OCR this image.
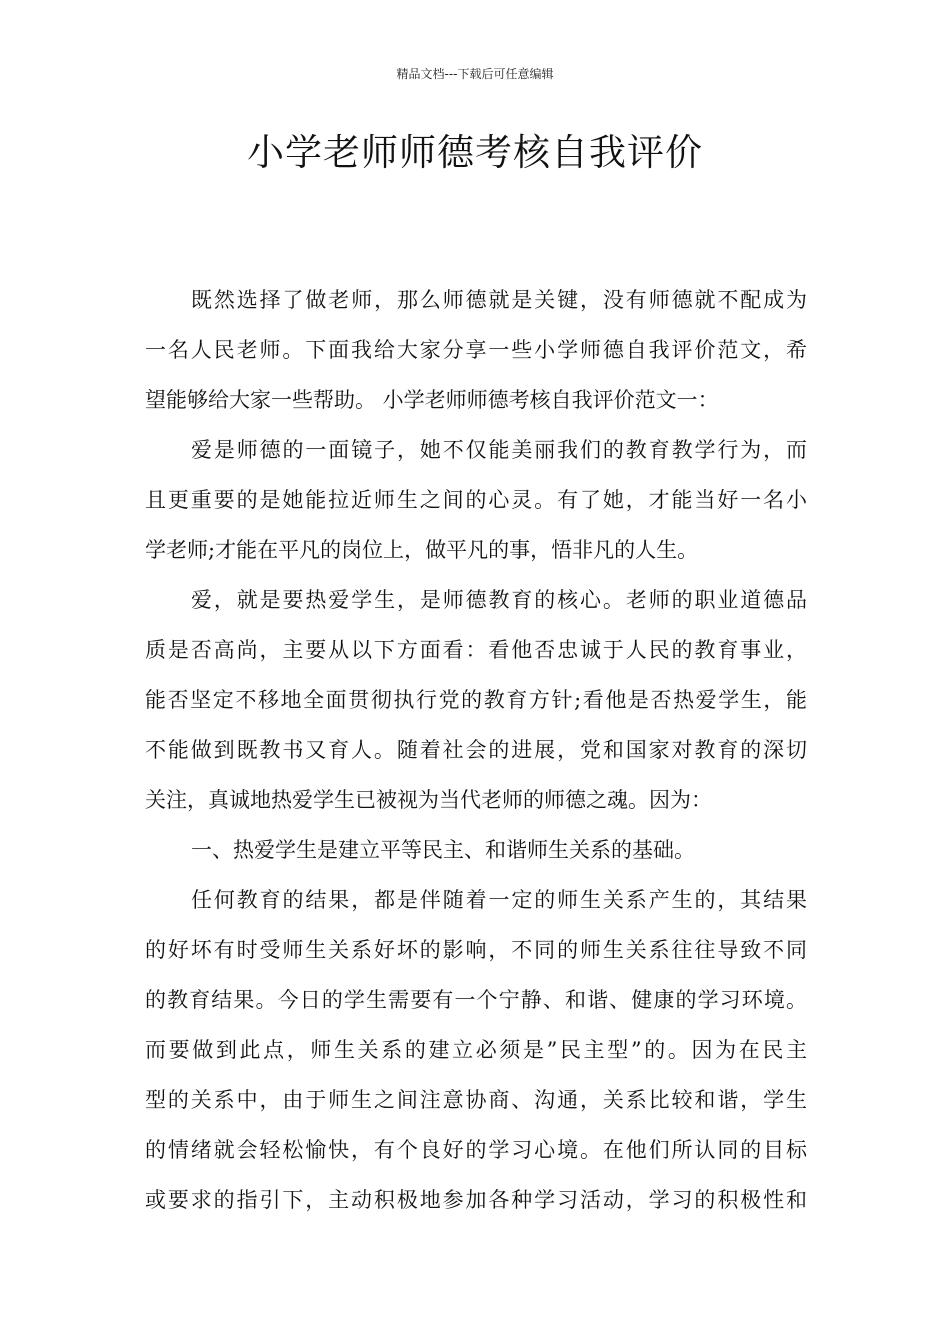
精品文档---下载后可任意编辑
小学老师师德考核自我评价
既然选择了做老师，那么师德就是关键，没有师德就不配成为
一名人民老师。下面我给大家分享一些小学师德自我评价范文，希
望能够给大家一些帮助。 小学老师师德考核自我评价范文一：
爱是师德的一面镜子，她不仅能美丽我们的教育教学行为，而
且更重要的是她能拉近师生之间的心灵。有了她，才能当好一名小
学老师;才能在平凡的岗位上，做平凡的事，悟非凡的人生。
爱，就是要热爱学生，是师德教育的核心。老师的职业道德品
质是否高尚，主要从以下方面看：看他否忠诚于人民的教育事业，
能否坚定不移地全面贯彻执行党的教育方针;看他是否热爱学生，能
不能做到既教书又育人。随着社会的进展，党和国家对教育的深切
关注，真诚地热爱学生已被视为当代老师的师德之魂。因为：
一、热爱学生是建立平等民主、和谐师生关系的基础。
任何教育的结果，都是伴随着一定的师生关系产生的，其结果
的好坏有时受师生关系好坏的影响，不同的师生关系往往导致不同
的教育结果。今日的学生需要有一个宁静、和谐、健康的学习环境。
而要做到此点，师生关系的建立必须是”民主型”的。因为在民主
型的关系中，由于师生之间注意协商、沟通，关系比较和谐，学生
的情绪就会轻松愉快，有个良好的学习心境。在他们所认同的目标
或要求的指引下，主动积极地参加各种学习活动，学习的积极性和
